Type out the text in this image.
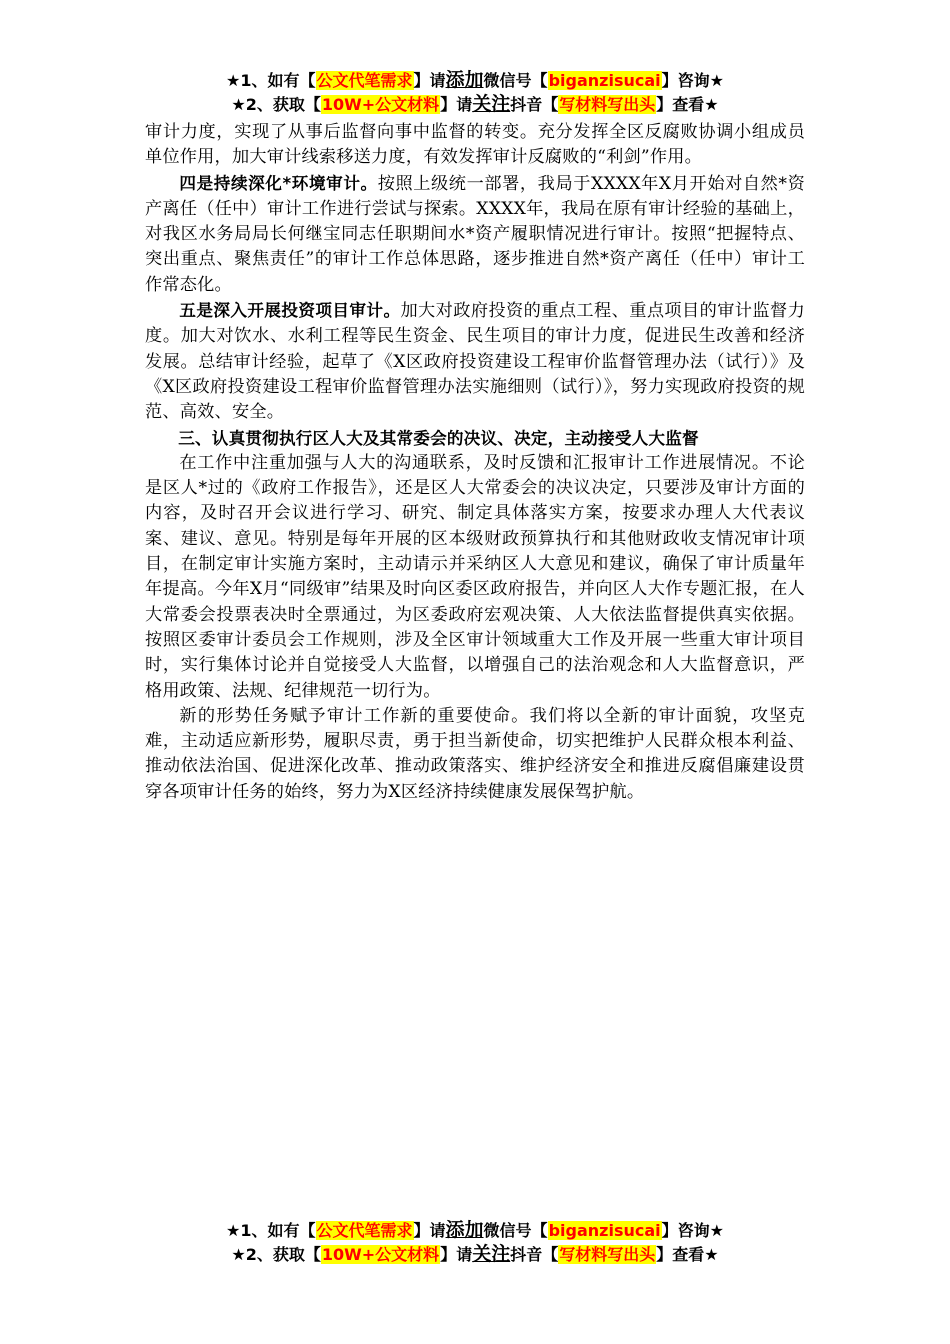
★1、如有【公文代笔需求】请添加微信号【biganzisucai】咨询★
★2、获取【10W+公文材料】请关注抖音【写材料写出头】查看★

审计力度，实现了从事后监督向事中监督的转变。充分发挥全区反腐败协调小组成员单位作用，加大审计线索移送力度，有效发挥审计反腐败的“利剑”作用。

四是持续深化*环境审计。按照上级统一部署，我局于XXXX年X月开始对自然*资产离任（任中）审计工作进行尝试与探索。XXXX年，我局在原有审计经验的基础上，对我区水务局局长何继宝同志任职期间水*资产履职情况进行审计。按照“把握特点、突出重点、聚焦责任”的审计工作总体思路，逐步推进自然*资产离任（任中）审计工作常态化。

五是深入开展投资项目审计。加大对政府投资的重点工程、重点项目的审计监督力度。加大对饮水、水利工程等民生资金、民生项目的审计力度，促进民生改善和经济发展。总结审计经验，起草了《X区政府投资建设工程审价监督管理办法（试行）》及《X区政府投资建设工程审价监督管理办法实施细则（试行）》，努力实现政府投资的规范、高效、安全。

三、认真贯彻执行区人大及其常委会的决议、决定，主动接受人大监督

在工作中注重加强与人大的沟通联系，及时反馈和汇报审计工作进展情况。不论是区人*过的《政府工作报告》，还是区人大常委会的决议决定，只要涉及审计方面的内容，及时召开会议进行学习、研究、制定具体落实方案，按要求办理人大代表议案、建议、意见。特别是每年开展的区本级财政预算执行和其他财政收支情况审计项目，在制定审计实施方案时，主动请示并采纳区人大意见和建议，确保了审计质量年年提高。今年X月“同级审”结果及时向区委区政府报告，并向区人大作专题汇报，在人大常委会投票表决时全票通过，为区委政府宏观决策、人大依法监督提供真实依据。按照区委审计委员会工作规则，涉及全区审计领域重大工作及开展一些重大审计项目时，实行集体讨论并自觉接受人大监督，以增强自己的法治观念和人大监督意识，严格用政策、法规、纪律规范一切行为。

新的形势任务赋予审计工作新的重要使命。我们将以全新的审计面貌，攻坚克难，主动适应新形势，履职尽责，勇于担当新使命，切实把维护人民群众根本利益、推动依法治国、促进深化改革、推动政策落实、维护经济安全和推进反腐倡廉建设贯穿各项审计任务的始终，努力为X区经济持续健康发展保驾护航。

★1、如有【公文代笔需求】请添加微信号【biganzisucai】咨询★
★2、获取【10W+公文材料】请关注抖音【写材料写出头】查看★
